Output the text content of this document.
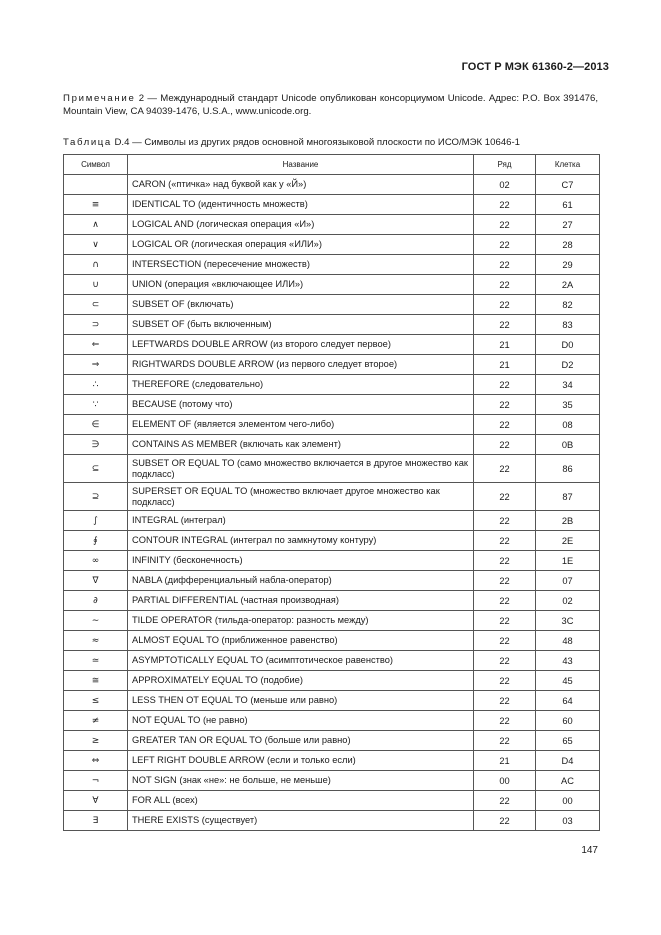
ГОСТ Р МЭК 61360-2—2013
Примечание 2 — Международный стандарт Unicode опубликован консорциумом Unicode. Адрес: P.O. Box 391476, Mountain View, CA 94039-1476, U.S.A., www.unicode.org.
Таблица D.4 — Символы из других рядов основной многоязыковой плоскости по ИСО/МЭК 10646-1
Символ	Название	Ряд	Клетка
	CARON («птичка» над буквой как у «Й»)	02	C7
≡	IDENTICAL TO (идентичность множеств)	22	61
∧	LOGICAL AND (логическая операция «И»)	22	27
∨	LOGICAL OR (логическая операция «ИЛИ»)	22	28
∩	INTERSECTION (пересечение множеств)	22	29
∪	UNION (операция «включающее ИЛИ»)	22	2A
⊂	SUBSET OF (включать)	22	82
⊃	SUBSET OF (быть включенным)	22	83
⇐	LEFTWARDS DOUBLE ARROW (из второго следует первое)	21	D0
⇒	RIGHTWARDS DOUBLE ARROW (из первого следует второе)	21	D2
∴	THEREFORE (следовательно)	22	34
∵	BECAUSE (потому что)	22	35
∈	ELEMENT OF (является элементом чего-либо)	22	08
∋	CONTAINS AS MEMBER (включать как элемент)	22	0B
⊆	SUBSET OR EQUAL TO (само множество включается в другое множество как подкласс)	22	86
⊇	SUPERSET OR EQUAL TO (множество включает другое множество как подкласс)	22	87
∫	INTEGRAL (интеграл)	22	2B
∮	CONTOUR INTEGRAL (интеграл по замкнутому контуру)	22	2E
∞	INFINITY (бесконечность)	22	1E
∇	NABLA (дифференциальный набла-оператор)	22	07
∂	PARTIAL DIFFERENTIAL (частная производная)	22	02
∼	TILDE OPERATOR (тильда-оператор: разность между)	22	3C
≈	ALMOST EQUAL TO (приближенное равенство)	22	48
≃	ASYMPTOTICALLY EQUAL TO (асимптотическое равенство)	22	43
≅	APPROXIMATELY EQUAL TO (подобие)	22	45
≤	LESS THEN OT EQUAL TO (меньше или равно)	22	64
≠	NOT EQUAL TO (не равно)	22	60
≥	GREATER TAN OR EQUAL TO (больше или равно)	22	65
⇔	LEFT RIGHT DOUBLE ARROW (если и только если)	21	D4
¬	NOT SIGN (знак «не»: не больше, не меньше)	00	AC
∀	FOR ALL (всех)	22	00
∃	THERE EXISTS (существует)	22	03
147
